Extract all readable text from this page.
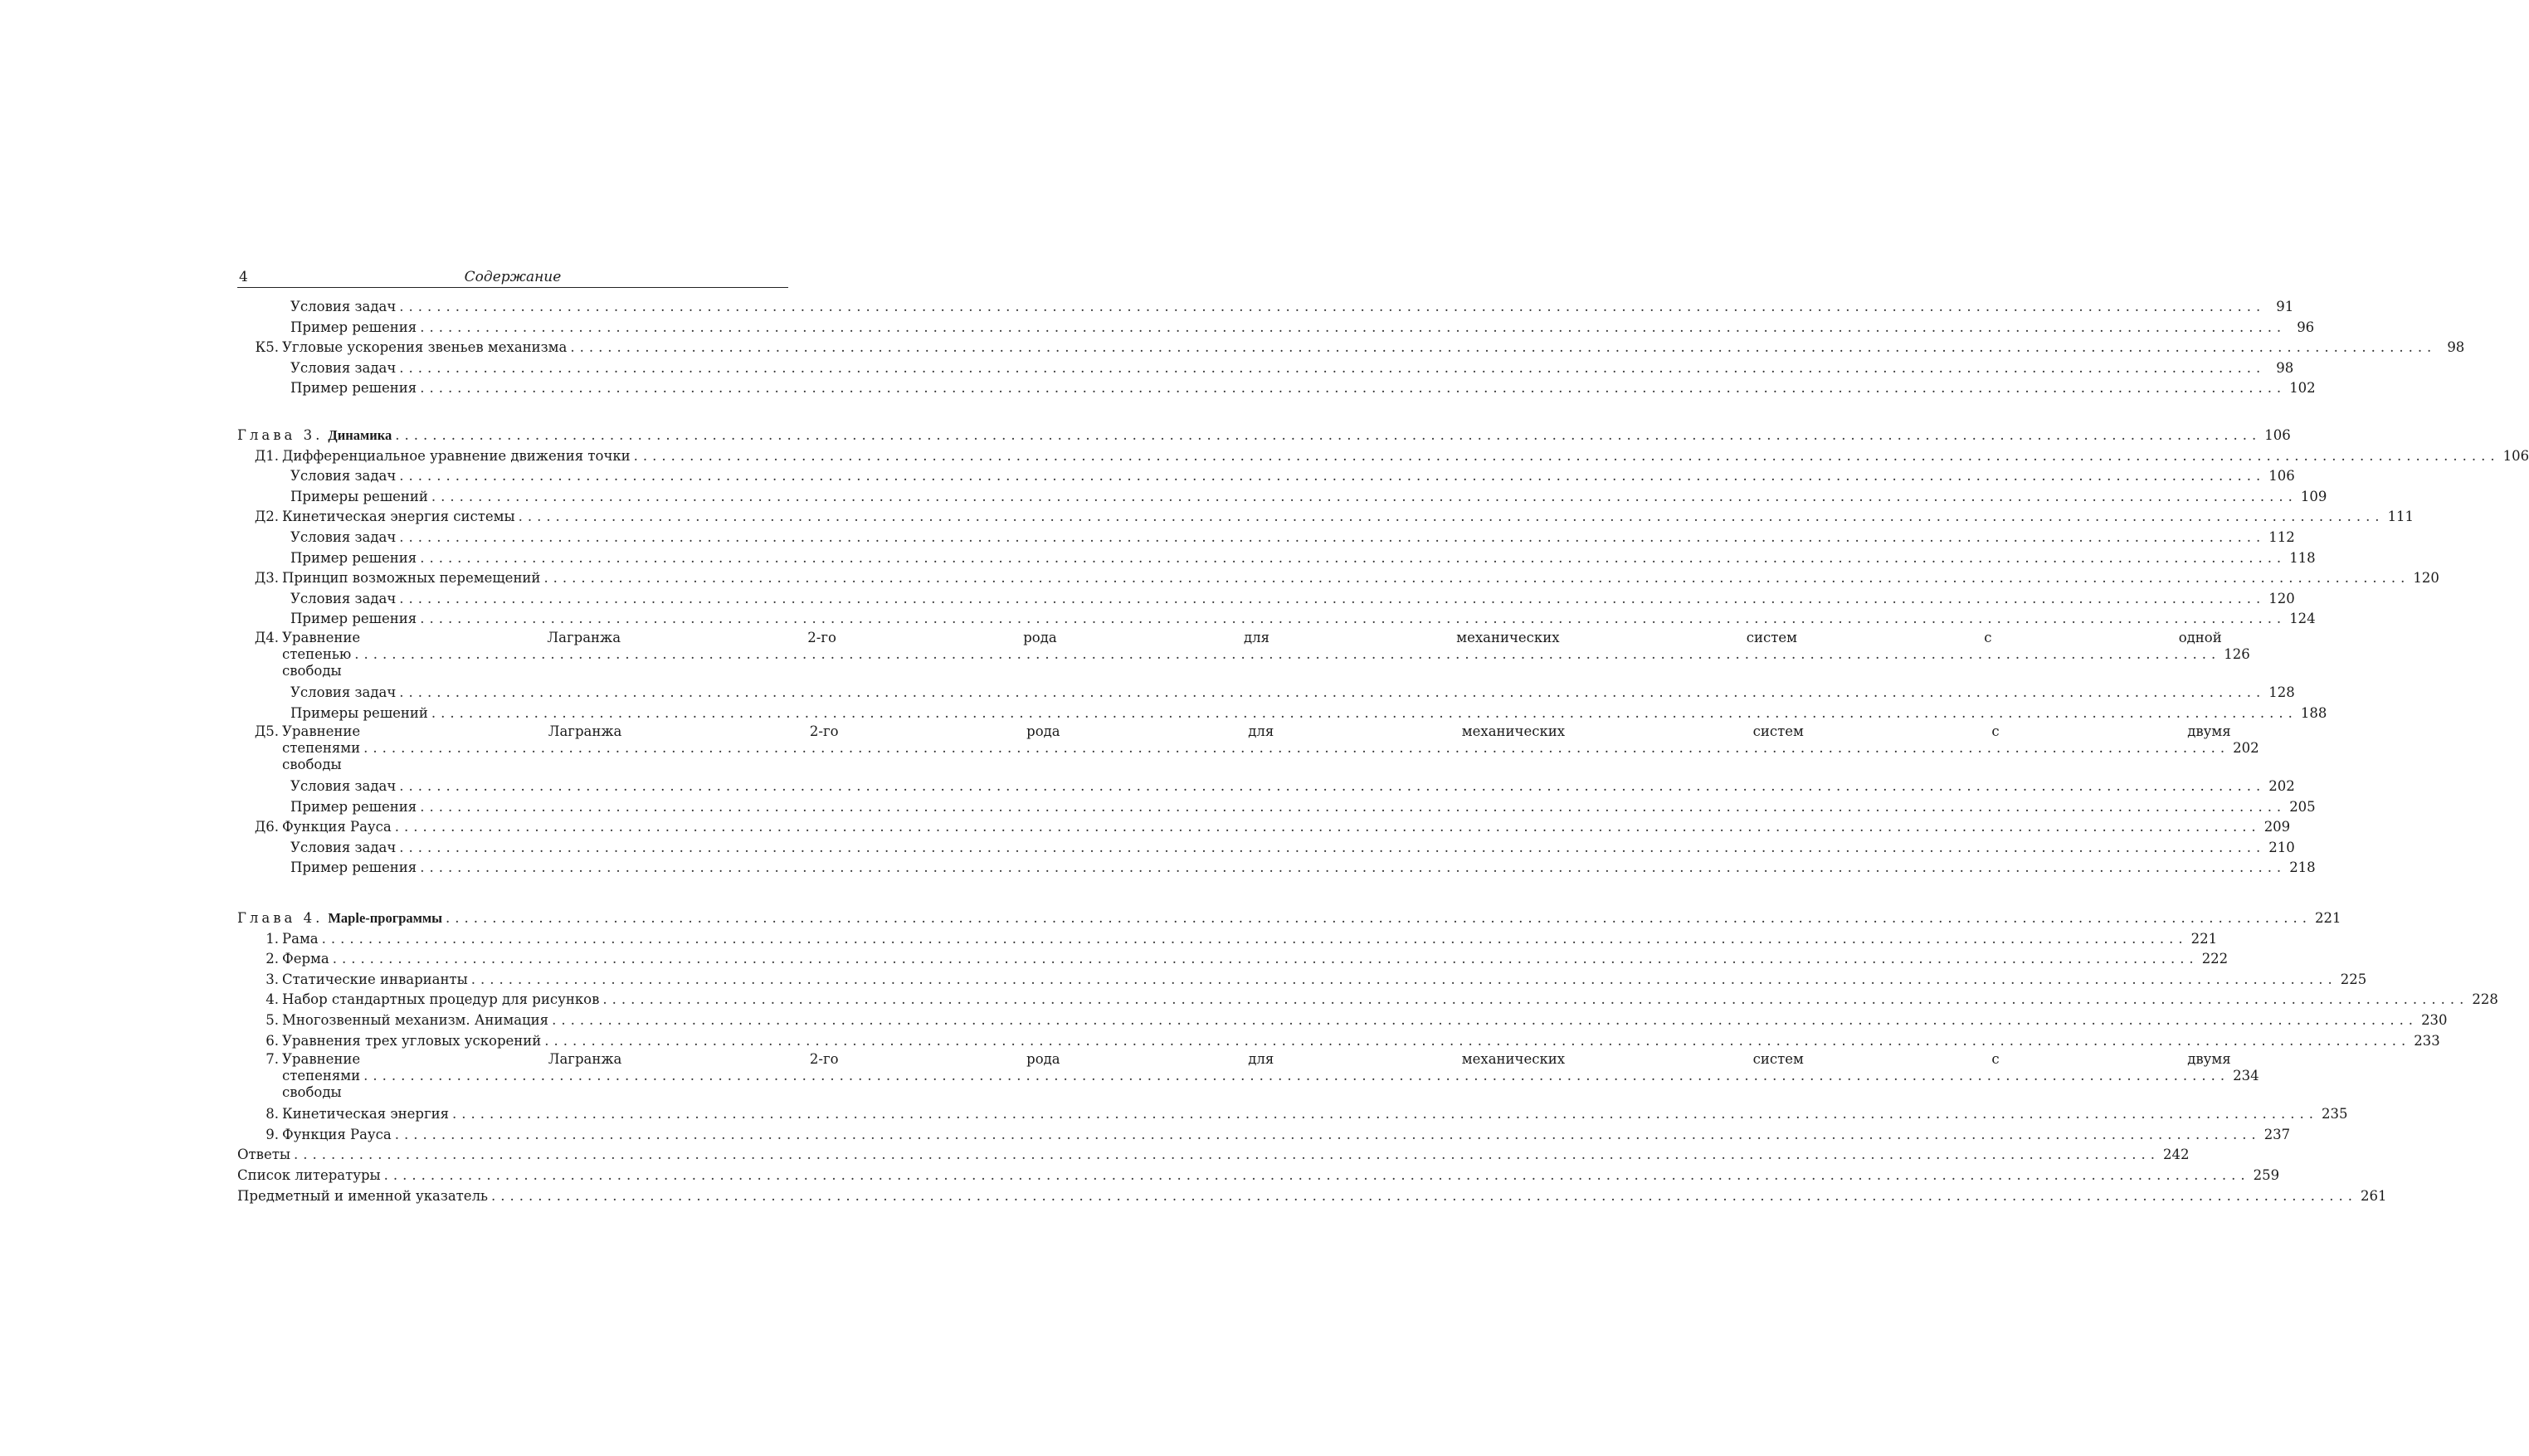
4	Содержание
Условия задач ........................................................................................................................................................................................................ 91
Пример решения ........................................................................................................................................................................................................ 96
К5. Угловые ускорения звеньев механизма ........................................................................................................................................................................................................ 98
Условия задач ........................................................................................................................................................................................................ 98
Пример решения ........................................................................................................................................................................................................ 102
Глава 3. Динамика ........................................................................................................................................................................................................ 106
Д1. Дифференциальное уравнение движения точки ........................................................................................................................................................................................................ 106
Условия задач ........................................................................................................................................................................................................ 106
Примеры решений ........................................................................................................................................................................................................ 109
Д2. Кинетическая энергия системы ........................................................................................................................................................................................................ 111
Условия задач ........................................................................................................................................................................................................ 112
Пример решения ........................................................................................................................................................................................................ 118
Д3. Принцип возможных перемещений ........................................................................................................................................................................................................ 120
Условия задач ........................................................................................................................................................................................................ 120
Пример решения ........................................................................................................................................................................................................ 124
Д4. Уравнение Лагранжа 2-го рода для механических систем с одной
степенью свободы
........................................................................................................................................................................................................ 126
Условия задач ........................................................................................................................................................................................................ 128
Примеры решений ........................................................................................................................................................................................................ 188
Д5. Уравнение Лагранжа 2-го рода для механических систем с двумя
степенями свободы
........................................................................................................................................................................................................ 202
Условия задач ........................................................................................................................................................................................................ 202
Пример решения ........................................................................................................................................................................................................ 205
Д6. Функция Рауса ........................................................................................................................................................................................................ 209
Условия задач ........................................................................................................................................................................................................ 210
Пример решения ........................................................................................................................................................................................................ 218
Глава 4. Maple-программы ........................................................................................................................................................................................................ 221
1. Рама ........................................................................................................................................................................................................ 221
2. Ферма ........................................................................................................................................................................................................ 222
3. Статические инварианты ........................................................................................................................................................................................................ 225
4. Набор стандартных процедур для рисунков ........................................................................................................................................................................................................ 228
5. Многозвенный механизм. Анимация ........................................................................................................................................................................................................ 230
6. Уравнения трех угловых ускорений ........................................................................................................................................................................................................ 233
7. Уравнение Лагранжа 2-го рода для механических систем с двумя
степенями свободы
........................................................................................................................................................................................................ 234
8. Кинетическая энергия ........................................................................................................................................................................................................ 235
9. Функция Рауса ........................................................................................................................................................................................................ 237
Ответы ........................................................................................................................................................................................................ 242
Список литературы ........................................................................................................................................................................................................ 259
Предметный и именной указатель ........................................................................................................................................................................................................ 261
